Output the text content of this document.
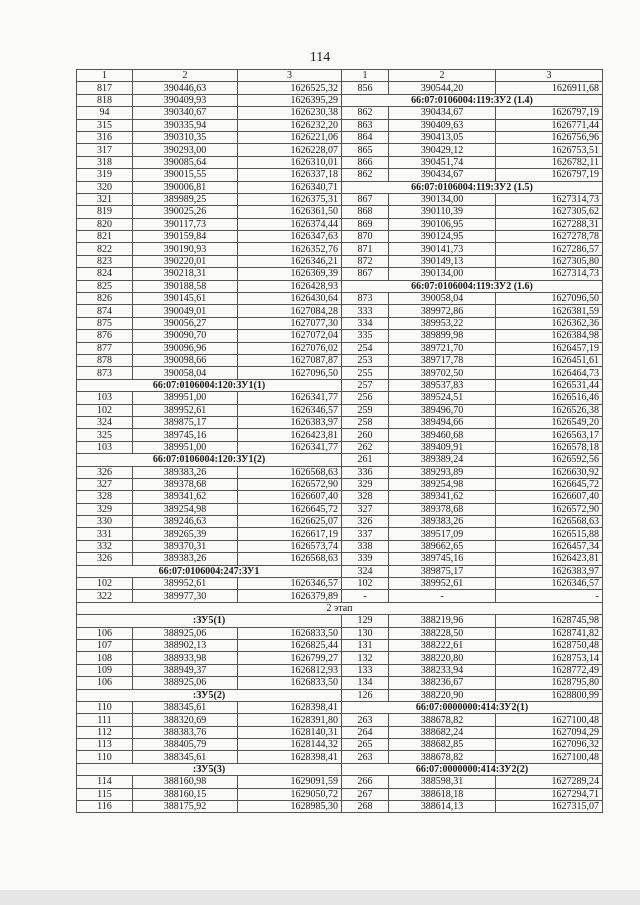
114
1	2	3	1	2	3
817	390446,63	1626525,32	856	390544,20	1626911,68
818	390409,93	1626395,29	66:07:0106004:119:ЗУ2 (1.4)		
94	390340,67	1626230,38	862	390434,67	1626797,19
315	390335,94	1626232,20	863	390409,63	1626771,44
316	390310,35	1626221,06	864	390413,05	1626756,96
317	390293,00	1626228,07	865	390429,12	1626753,51
318	390085,64	1626310,01	866	390451,74	1626782,11
319	390015,55	1626337,18	862	390434,67	1626797,19
320	390006,81	1626340,71	66:07:0106004:119:ЗУ2 (1.5)		
321	389989,25	1626375,31	867	390134,00	1627314,73
819	390025,26	1626361,50	868	390110,39	1627305,62
820	390117,73	1626374,44	869	390106,95	1627288,31
821	390159,84	1626347,63	870	390124,95	1627278,78
822	390190,93	1626352,76	871	390141,73	1627286,57
823	390220,01	1626346,21	872	390149,13	1627305,80
824	390218,31	1626369,39	867	390134,00	1627314,73
825	390188,58	1626428,93	66:07:0106004:119:ЗУ2 (1.6)		
826	390145,61	1626430,64	873	390058,04	1627096,50
874	390049,01	1627084,28	333	389972,86	1626381,59
875	390056,27	1627077,30	334	389953,22	1626362,36
876	390090,70	1627072,04	335	389899,98	1626384,98
877	390096,96	1627076,02	254	389721,70	1626457,19
878	390098,66	1627087,87	253	389717,78	1626451,61
873	390058,04	1627096,50	255	389702,50	1626464,73
66:07:0106004:120:ЗУ1(1)			257	389537,83	1626531,44
103	389951,00	1626341,77	256	389524,51	1626516,46
102	389952,61	1626346,57	259	389496,70	1626526,38
324	389875,17	1626383,97	258	389494,66	1626549,20
325	389745,16	1626423,81	260	389460,68	1626563,17
103	389951,00	1626341,77	262	389409,91	1626578,18
66:07:0106004:120:ЗУ1(2)			261	389389,24	1626592,56
326	389383,26	1626568,63	336	389293,89	1626630,92
327	389378,68	1626572,90	329	389254,98	1626645,72
328	389341,62	1626607,40	328	389341,62	1626607,40
329	389254,98	1626645,72	327	389378,68	1626572,90
330	389246,63	1626625,07	326	389383,26	1626568,63
331	389265,39	1626617,19	337	389517,09	1626515,88
332	389370,31	1626573,74	338	389662,65	1626457,34
326	389383,26	1626568,63	339	389745,16	1626423,81
66:07:0106004:247:ЗУ1			324	389875,17	1626383,97
102	389952,61	1626346,57	102	389952,61	1626346,57
322	389977,30	1626379,89	-	-	-
2 этап					
:ЗУ5(1)			129	388219,96	1628745,98
106	388925,06	1626833,50	130	388228,50	1628741,82
107	388902,13	1626825,44	131	388222,61	1628750,48
108	388933,98	1626799,27	132	388220,80	1628753,14
109	388949,37	1626812,93	133	388233,94	1628772,49
106	388925,06	1626833,50	134	388236,67	1628795,80
:ЗУ5(2)			126	388220,90	1628800,99
110	388345,61	1628398,41	66:07:0000000:414:ЗУ2(1)		
111	388320,69	1628391,80	263	388678,82	1627100,48
112	388383,76	1628140,31	264	388682,24	1627094,29
113	388405,79	1628144,32	265	388682,85	1627096,32
110	388345,61	1628398,41	263	388678,82	1627100,48
:ЗУ5(3)			66:07:0000000:414:ЗУ2(2)		
114	388160,98	1629091,59	266	388598,31	1627289,24
115	388160,15	1629050,72	267	388618,18	1627294,71
116	388175,92	1628985,30	268	388614,13	1627315,07
